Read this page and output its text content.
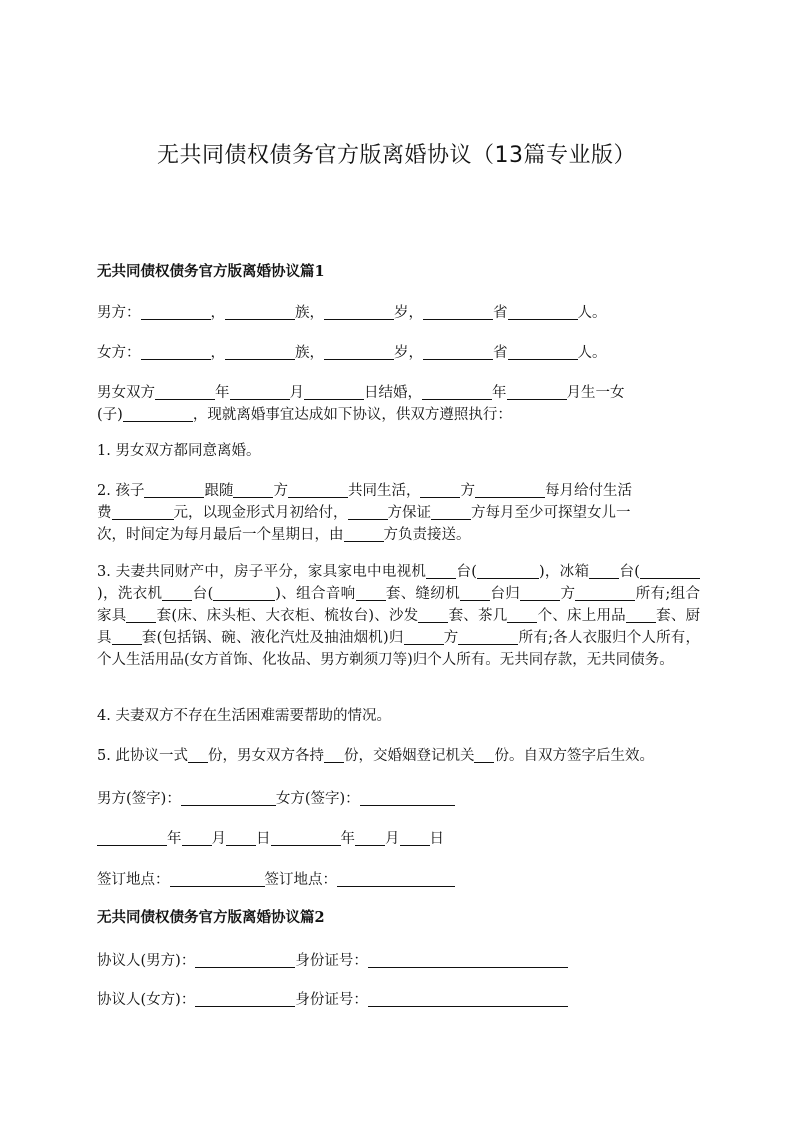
无共同债权债务官方版离婚协议（13篇专业版）
无共同债权债务官方版离婚协议篇1
男方：	，	族，	岁，	省	人。
女方：	，	族，	岁，	省	人。
男女双方	年	月	日结婚，	年	月生一女
(子)	，现就离婚事宜达成如下协议，供双方遵照执行：
1. 男女双方都同意离婚。
2. 孩子	跟随	方	共同生活，	方	每月给付生活
费	元，以现金形式月初给付，	方保证	方每月至少可探望女儿一
次，时间定为每月最后一个星期日，由	方负责接送。
3. 夫妻共同财产中，房子平分，家具家电中电视机 台(	)，冰箱 台()，洗衣机 台(	)、组合音响 套、缝纫机 台归	方	所有;组合家具 套(床、床头柜、大衣柜、梳妆台)、沙发 套、茶几 个、床上用品 套、厨具 套(包括锅、碗、液化汽灶及抽油烟机)归	方	所有;各人衣服归个人所有，个人生活用品(女方首饰、化妆品、男方剃须刀等)归个人所有。无共同存款，无共同债务。
4. 夫妻双方不存在生活困难需要帮助的情况。
5. 此协议一式 份，男女双方各持 份，交婚姻登记机关 份。自双方签字后生效。
男方(签字)：	女方(签字)：
年 月 日	年 月 日
签订地点：	签订地点：
无共同债权债务官方版离婚协议篇2
协议人(男方)：	身份证号：
协议人(女方)：	身份证号：
